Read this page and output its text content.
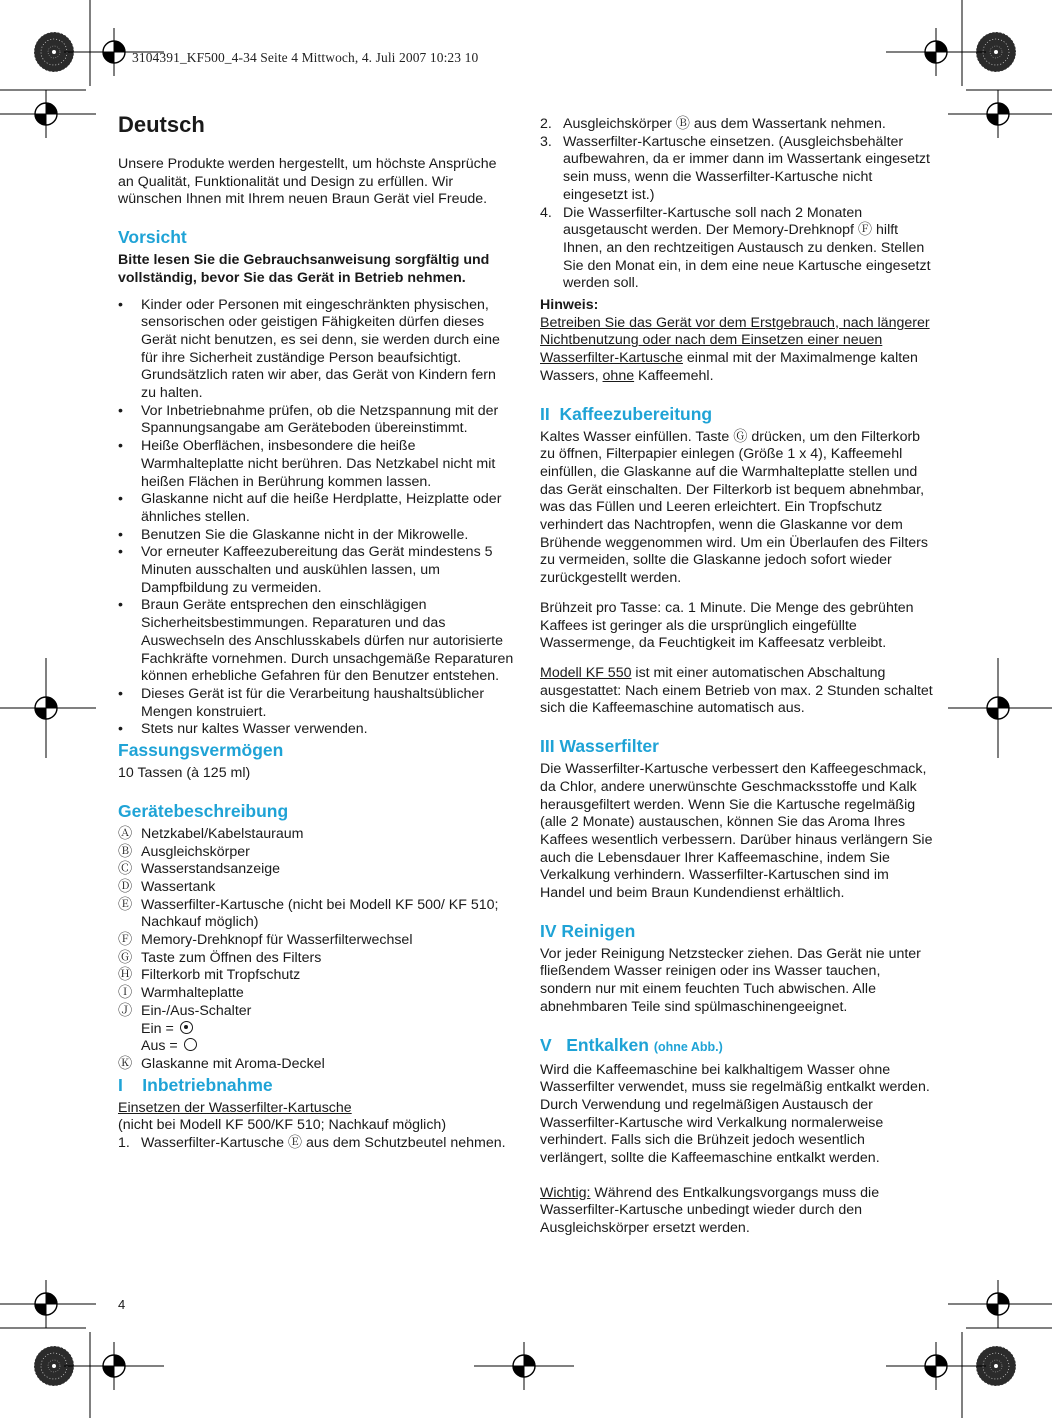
3104391_KF500_4-34 Seite 4 Mittwoch, 4. Juli 2007 10:23 10
Deutsch

Unsere Produkte werden hergestellt, um höchste Ansprüche an Qualität, Funktionalität und Design zu erfüllen. Wir wünschen Ihnen mit Ihrem neuen Braun Gerät viel Freude.

Vorsicht

Bitte lesen Sie die Gebrauchsanweisung sorgfältig und vollständig, bevor Sie das Gerät in Betrieb nehmen.

• Kinder oder Personen mit eingeschränkten physischen, sensorischen oder geistigen Fähigkeiten dürfen dieses Gerät nicht benutzen, es sei denn, sie werden durch eine für ihre Sicherheit zuständige Person beaufsichtigt. Grundsätzlich raten wir aber, das Gerät von Kindern fern zu halten.
• Vor Inbetriebnahme prüfen, ob die Netzspannung mit der Spannungsangabe am Geräteboden übereinstimmt.
• Heiße Oberflächen, insbesondere die heiße Warmhalteplatte nicht berühren. Das Netzkabel nicht mit heißen Flächen in Berührung kommen lassen.
• Glaskanne nicht auf die heiße Herdplatte, Heizplatte oder ähnliches stellen.
• Benutzen Sie die Glaskanne nicht in der Mikrowelle.
• Vor erneuter Kaffeezubereitung das Gerät mindestens 5 Minuten ausschalten und auskühlen lassen, um Dampfbildung zu vermeiden.
• Braun Geräte entsprechen den einschlägigen Sicherheitsbestimmungen. Reparaturen und das Auswechseln des Anschlusskabels dürfen nur autorisierte Fachkräfte vornehmen. Durch unsachgemäße Reparaturen können erhebliche Gefahren für den Benutzer entstehen.
• Dieses Gerät ist für die Verarbeitung haushaltsüblicher Mengen konstruiert.
• Stets nur kaltes Wasser verwenden.
Fassungsvermögen

10 Tassen (à 125 ml)

Gerätebeschreibung
Ⓐ Netzkabel/Kabelstauraum
Ⓑ Ausgleichskörper
Ⓒ Wasserstandsanzeige
Ⓓ Wassertank
Ⓔ Wasserfilter-Kartusche (nicht bei Modell KF 500/ KF 510; Nachkauf möglich)
Ⓕ Memory-Drehknopf für Wasserfilterwechsel
Ⓖ Taste zum Öffnen des Filters
Ⓗ Filterkorb mit Tropfschutz
Ⓘ Warmhalteplatte
Ⓙ Ein-/Aus-Schalter
Ein =
Aus =
Ⓚ Glaskanne mit Aroma-Deckel
I    Inbetriebnahme

Einsetzen der Wasserfilter-Kartusche

(nicht bei Modell KF 500/KF 510; Nachkauf möglich)

1. Wasserfilter-Kartusche Ⓔ aus dem Schutzbeutel nehmen.
4
2. Ausgleichskörper Ⓑ aus dem Wassertank nehmen.
3. Wasserfilter-Kartusche einsetzen. (Ausgleichsbehälter aufbewahren, da er immer dann im Wassertank eingesetzt sein muss, wenn die Wasserfilter-Kartusche nicht eingesetzt ist.)
4. Die Wasserfilter-Kartusche soll nach 2 Monaten ausgetauscht werden. Der Memory-Drehknopf Ⓕ hilft Ihnen, an den rechtzeitigen Austausch zu denken. Stellen Sie den Monat ein, in dem eine neue Kartusche eingesetzt werden soll.

Hinweis:

Betreiben Sie das Gerät vor dem Erstgebrauch, nach längerer Nichtbenutzung oder nach dem Einsetzen einer neuen Wasserfilter-Kartusche einmal mit der Maximalmenge kalten Wassers, ohne Kaffeemehl.

II  Kaffeezubereitung

Kaltes Wasser einfüllen. Taste Ⓖ drücken, um den Filterkorb zu öffnen, Filterpapier einlegen (Größe 1 x 4), Kaffeemehl einfüllen, die Glaskanne auf die Warmhalteplatte stellen und das Gerät einschalten. Der Filterkorb ist bequem abnehmbar, was das Füllen und Leeren erleichtert. Ein Tropfschutz verhindert das Nachtropfen, wenn die Glaskanne vor dem Brühende weggenommen wird. Um ein Überlaufen des Filters zu vermeiden, sollte die Glaskanne jedoch sofort wieder zurückgestellt werden.

Brühzeit pro Tasse: ca. 1 Minute. Die Menge des gebrühten Kaffees ist geringer als die ursprünglich eingefüllte Wassermenge, da Feuchtigkeit im Kaffeesatz verbleibt.

Modell KF 550 ist mit einer automatischen Abschaltung ausgestattet: Nach einem Betrieb von max. 2 Stunden schaltet sich die Kaffeemaschine automatisch aus.

III Wasserfilter

Die Wasserfilter-Kartusche verbessert den Kaffeegeschmack, da Chlor, andere unerwünschte Geschmacksstoffe und Kalk herausgefiltert werden. Wenn Sie die Kartusche regelmäßig (alle 2 Monate) austauschen, können Sie das Aroma Ihres Kaffees wesentlich verbessern. Darüber hinaus verlängern Sie auch die Lebensdauer Ihrer Kaffeemaschine, indem Sie Verkalkung verhindern. Wasserfilter-Kartuschen sind im Handel und beim Braun Kundendienst erhältlich.

IV Reinigen

Vor jeder Reinigung Netzstecker ziehen. Das Gerät nie unter fließendem Wasser reinigen oder ins Wasser tauchen, sondern nur mit einem feuchten Tuch abwischen. Alle abnehmbaren Teile sind spülmaschinengeeignet.

V   Entkalken (ohne Abb.)

Wird die Kaffeemaschine bei kalkhaltigem Wasser ohne Wasserfilter verwendet, muss sie regelmäßig entkalkt werden. Durch Verwendung und regelmäßigen Austausch der Wasserfilter-Kartusche wird Verkalkung normalerweise verhindert. Falls sich die Brühzeit jedoch wesentlich verlängert, sollte die Kaffeemaschine entkalkt werden.

Wichtig: Während des Entkalkungsvorgangs muss die Wasserfilter-Kartusche unbedingt wieder durch den Ausgleichskörper ersetzt werden.
